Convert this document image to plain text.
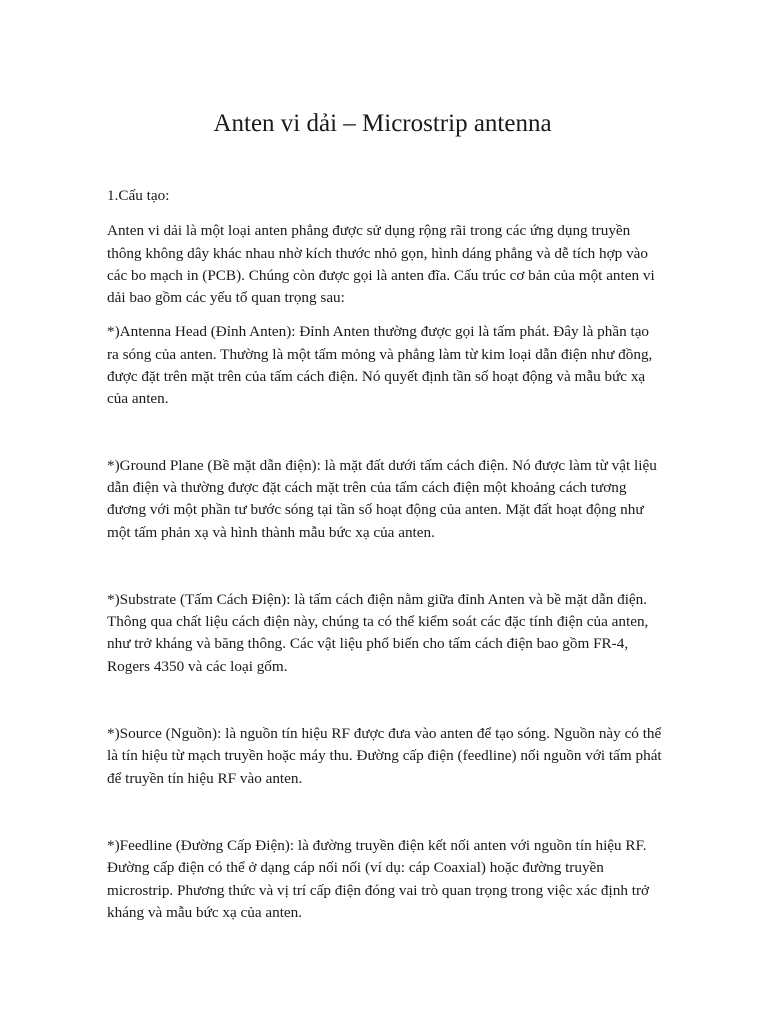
Anten vi dải – Microstrip antenna

1.Cấu tạo:

Anten vi dải là một loại anten phẳng được sử dụng rộng rãi trong các ứng dụng truyền thông không dây khác nhau nhờ kích thước nhỏ gọn, hình dáng phẳng và dễ tích hợp vào các bo mạch in (PCB). Chúng còn được gọi là anten đĩa. Cấu trúc cơ bản của một anten vi dải bao gồm các yếu tố quan trọng sau:

*)Antenna Head (Đỉnh Anten): Đỉnh Anten thường được gọi là tấm phát. Đây là phần tạo ra sóng của anten. Thường là một tấm mỏng và phẳng làm từ kim loại dẫn điện như đồng, được đặt trên mặt trên của tấm cách điện. Nó quyết định tần số hoạt động và mẫu bức xạ của anten.

*)Ground Plane (Bề mặt dẫn điện): là mặt đất dưới tấm cách điện. Nó được làm từ vật liệu dẫn điện và thường được đặt cách mặt trên của tấm cách điện một khoảng cách tương đương với một phần tư bước sóng tại tần số hoạt động của anten. Mặt đất hoạt động như một tấm phản xạ và hình thành mẫu bức xạ của anten.

*)Substrate (Tấm Cách Điện): là tấm cách điện nằm giữa đỉnh Anten và bề mặt dẫn điện. Thông qua chất liệu cách điện này, chúng ta có thể kiểm soát các đặc tính điện của anten, như trở kháng và băng thông. Các vật liệu phổ biến cho tấm cách điện bao gồm FR-4, Rogers 4350 và các loại gốm.

*)Source (Nguồn): là nguồn tín hiệu RF được đưa vào anten để tạo sóng. Nguồn này có thể là tín hiệu từ mạch truyền hoặc máy thu. Đường cấp điện (feedline) nối nguồn với tấm phát để truyền tín hiệu RF vào anten.

*)Feedline (Đường Cấp Điện): là đường truyền điện kết nối anten với nguồn tín hiệu RF. Đường cấp điện có thể ở dạng cáp nối nối (ví dụ: cáp Coaxial) hoặc đường truyền microstrip. Phương thức và vị trí cấp điện đóng vai trò quan trọng trong việc xác định trở kháng và mẫu bức xạ của anten.
